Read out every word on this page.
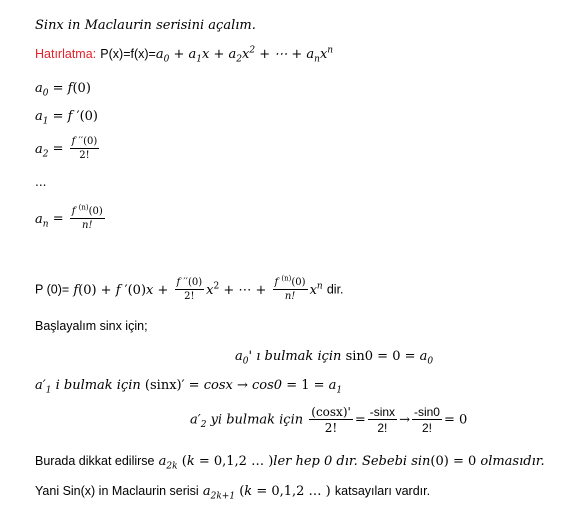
Sinx in Maclaurin serisini açalım.
Hatırlatma: $P(x)=f(x)=a_0 + a_1x + a_2x^2$ + ⋯ + $a_nx^n$
$a_0 = f(0)$
$a_1 = f$ ′(0)
$a_2 = \frac{f ''(0)}{2!}$
...
$a_n = \frac{f ^{(n)}(0)}{n!}$
P (0)= f(0) + f $'(0)x + \frac{f ''(0)}{2!} x^2$ + ⋯ + $\frac{f ^{(n)}(0)}{n!} x^n$ dir.
Başlayalım sinx için;
$a_0'$ ı bulmak için $\sin 0 = 0 = a_0$
$a'_1$ i bulmak için $(\sin x)' = \cos x \to \cos 0 = 1 = a_1$
$a'_2$ yi bulmak için $\frac{(\cos x)'}{2!} = \frac{-\sin x}{2!} \to \frac{-\sin 0}{2!} = 0$
Burada dikkat edilirse $a_{2k}$ (k = 0,1,2 … )ler hep 0 dır. Sebebi sin(0) = 0 olmasıdır.
Yani Sin(x) in Maclaurin serisi $a_{2k+1}$ (k = 0,1,2 … ) katsayıları vardır.
